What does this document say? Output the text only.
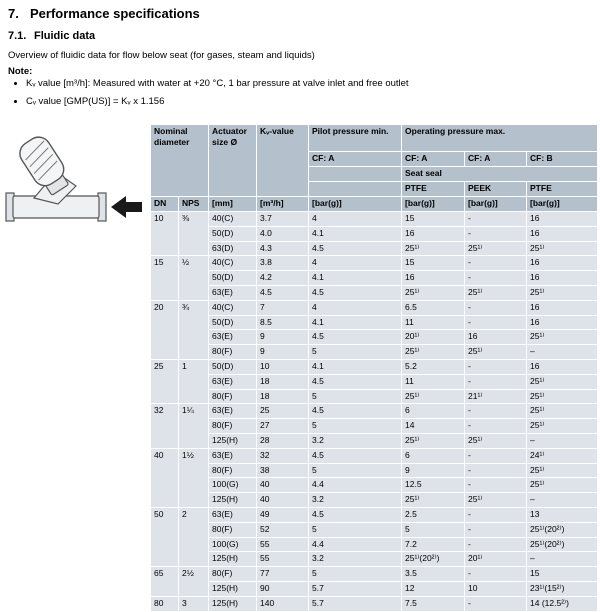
7. Performance specifications
7.1. Fluidic data
Overview of fluidic data for flow below seat (for gases, steam and liquids)
Note:
• Kᵥ value [m³/h]: Measured with water at +20 °C, 1 bar pressure at valve inlet and free outlet
• Cᵥ value [GMP(US)] = Kᵥ x 1.156
Nominal diameter		Actuator size Ø	Kᵥ-value	Pilot pressure min.	Operating pressure max.		
				CF: A	CF: A	CF: A	CF: B
					Seat seal		
					PTFE	PEEK	PTFE
DN	NPS	[mm]	[m³/h]	[bar(g)]	[bar(g)]	[bar(g)]	[bar(g)]
10	⅜	40(C)	3.7	4	15	-	16
		50(D)	4.0	4.1	16	-	16
		63(D)	4.3	4.5	25¹⁾	25¹⁾	25¹⁾
15	½	40(C)	3.8	4	15	-	16
		50(D)	4.2	4.1	16	-	16
		63(E)	4.5	4.5	25¹⁾	25¹⁾	25¹⁾
20	¾	40(C)	7	4	6.5	-	16
		50(D)	8.5	4.1	11	-	16
		63(E)	9	4.5	20¹⁾	16	25¹⁾
		80(F)	9	5	25¹⁾	25¹⁾	–
25	1	50(D)	10	4.1	5.2	-	16
		63(E)	18	4.5	11	-	25¹⁾
		80(F)	18	5	25¹⁾	21¹⁾	25¹⁾
32	1¼	63(E)	25	4.5	6	-	25¹⁾
		80(F)	27	5	14	-	25¹⁾
		125(H)	28	3.2	25¹⁾	25¹⁾	–
40	1½	63(E)	32	4.5	6	-	24¹⁾
		80(F)	38	5	9	-	25¹⁾
		100(G)	40	4.4	12.5	-	25¹⁾
		125(H)	40	3.2	25¹⁾	25¹⁾	–
50	2	63(E)	49	4.5	2.5	-	13
		80(F)	52	5	5	-	25¹⁾(20²⁾)
		100(G)	55	4.4	7.2	-	25¹⁾(20²⁾)
		125(H)	55	3.2	25¹⁾(20²⁾)	20¹⁾	–
65	2½	80(F)	77	5	3.5	-	15
		125(H)	90	5.7	12	10	23¹⁾(15²⁾)
80	3	125(H)	140	5.7	7.5	-	14 (12.5²⁾)
